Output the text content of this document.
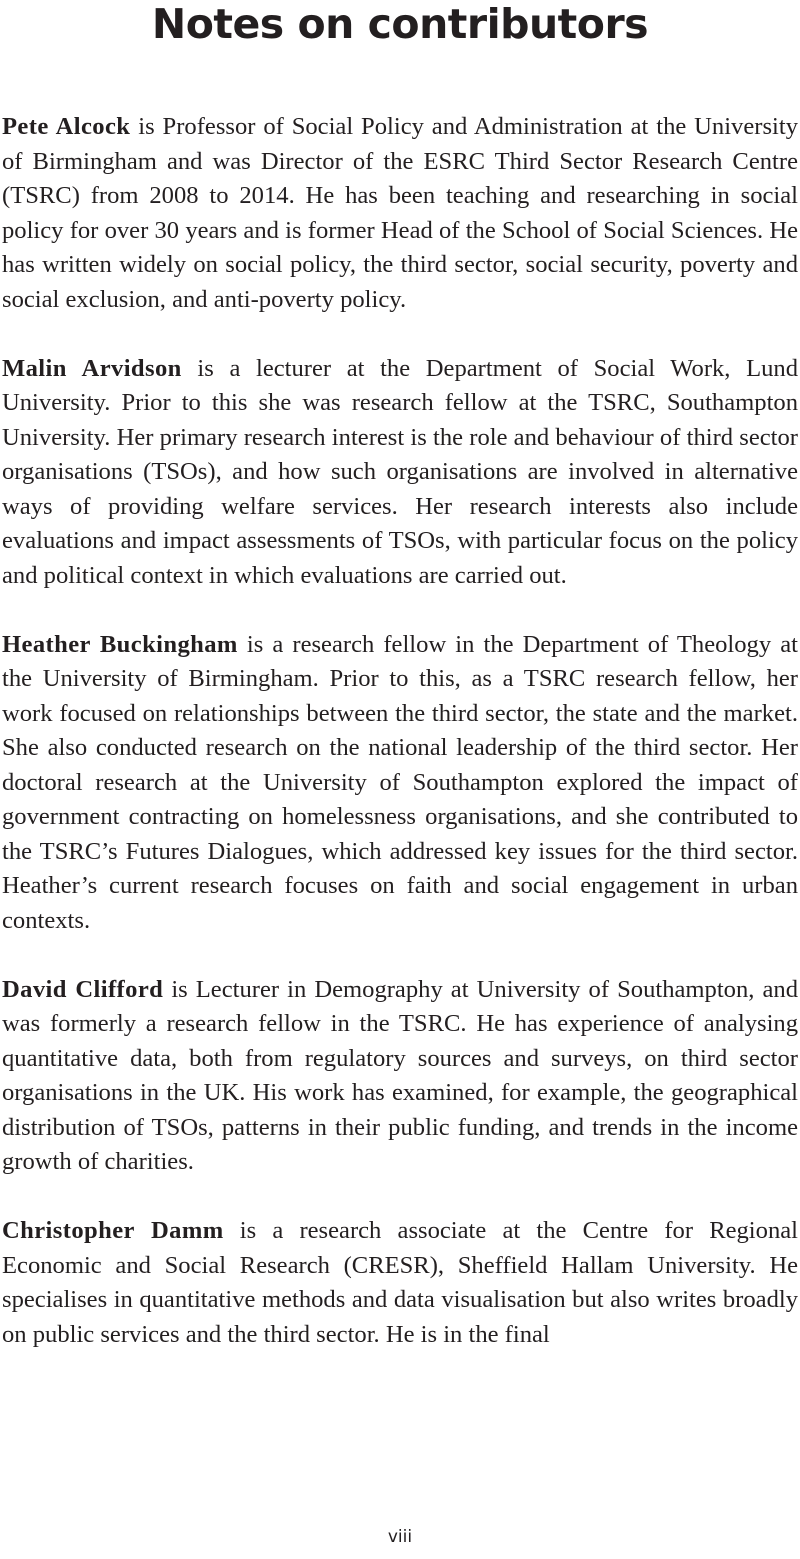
Notes on contributors

Pete Alcock is Professor of Social Policy and Administration at the University of Birmingham and was Director of the ESRC Third Sector Research Centre (TSRC) from 2008 to 2014. He has been teaching and researching in social policy for over 30 years and is former Head of the School of Social Sciences. He has written widely on social policy, the third sector, social security, poverty and social exclusion, and anti-poverty policy.

Malin Arvidson is a lecturer at the Department of Social Work, Lund University. Prior to this she was research fellow at the TSRC, Southampton University. Her primary research interest is the role and behaviour of third sector organisations (TSOs), and how such organisations are involved in alternative ways of providing welfare services. Her research interests also include evaluations and impact assessments of TSOs, with particular focus on the policy and political context in which evaluations are carried out.

Heather Buckingham is a research fellow in the Department of Theology at the University of Birmingham. Prior to this, as a TSRC research fellow, her work focused on relationships between the third sector, the state and the market. She also conducted research on the national leadership of the third sector. Her doctoral research at the University of Southampton explored the impact of government contracting on homelessness organisations, and she contributed to the TSRC’s Futures Dialogues, which addressed key issues for the third sector. Heather’s current research focuses on faith and social engagement in urban contexts.

David Clifford is Lecturer in Demography at University of Southampton, and was formerly a research fellow in the TSRC. He has experience of analysing quantitative data, both from regulatory sources and surveys, on third sector organisations in the UK. His work has examined, for example, the geographical distribution of TSOs, patterns in their public funding, and trends in the income growth of charities.

Christopher Damm is a research associate at the Centre for Regional Economic and Social Research (CRESR), Sheffield Hallam University. He specialises in quantitative methods and data visualisation but also writes broadly on public services and the third sector. He is in the final

viii
